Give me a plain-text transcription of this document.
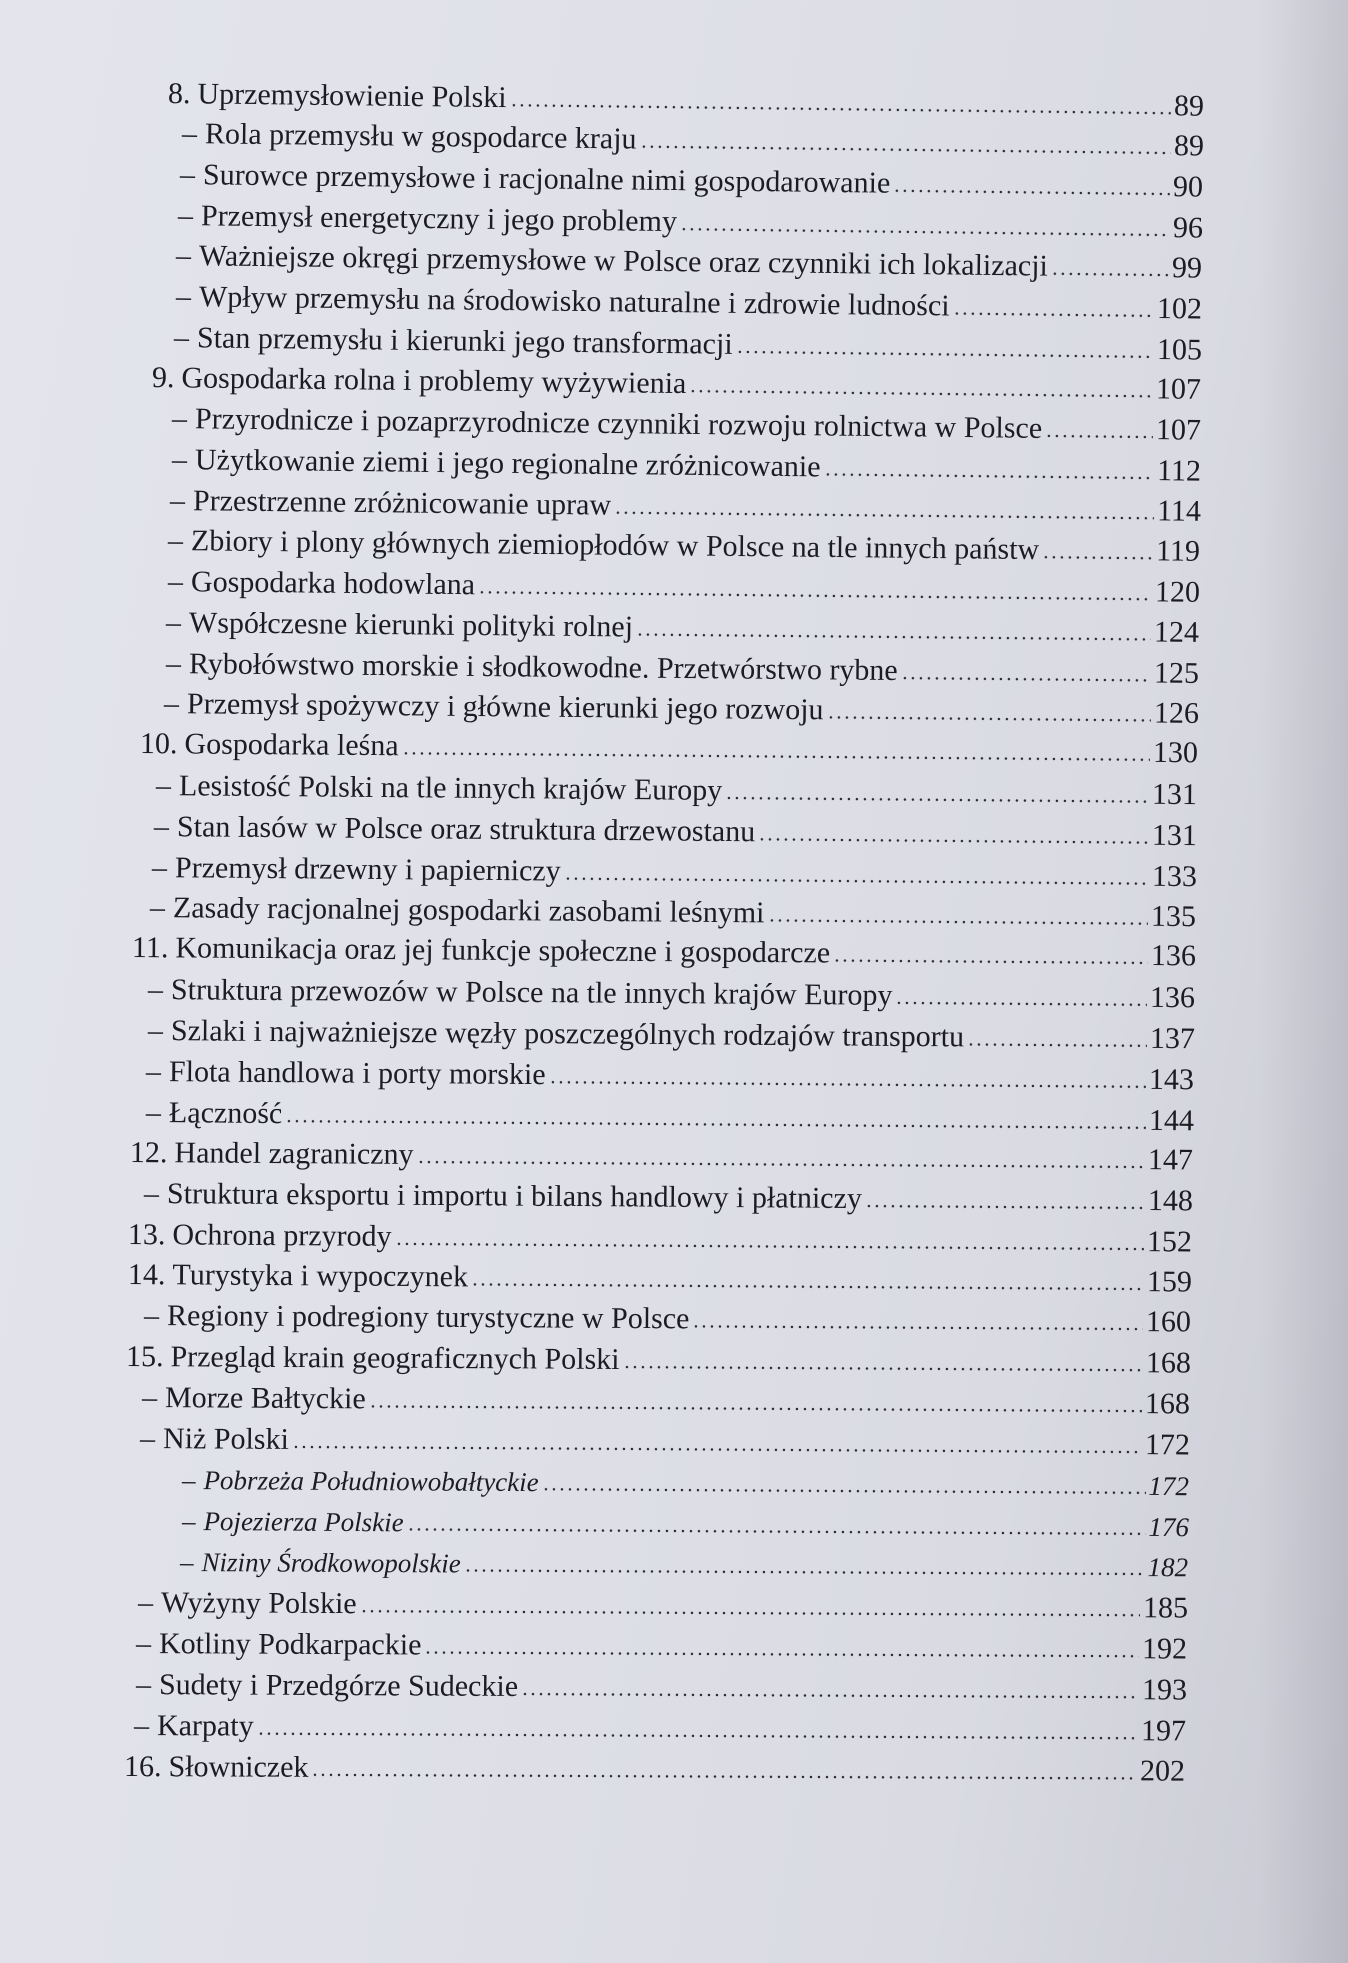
8. Uprzemysłowienie Polski	89
– Rola przemysłu w gospodarce kraju	89
– Surowce przemysłowe i racjonalne nimi gospodarowanie	90
– Przemysł energetyczny i jego problemy	96
– Ważniejsze okręgi przemysłowe w Polsce oraz czynniki ich lokalizacji	99
– Wpływ przemysłu na środowisko naturalne i zdrowie ludności	102
– Stan przemysłu i kierunki jego transformacji	105
9. Gospodarka rolna i problemy wyżywienia	107
– Przyrodnicze i pozaprzyrodnicze czynniki rozwoju rolnictwa w Polsce	107
– Użytkowanie ziemi i jego regionalne zróżnicowanie	112
– Przestrzenne zróżnicowanie upraw	114
– Zbiory i plony głównych ziemiopłodów w Polsce na tle innych państw	119
– Gospodarka hodowlana	120
– Współczesne kierunki polityki rolnej	124
– Rybołówstwo morskie i słodkowodne. Przetwórstwo rybne	125
– Przemysł spożywczy i główne kierunki jego rozwoju	126
10. Gospodarka leśna	130
– Lesistość Polski na tle innych krajów Europy	131
– Stan lasów w Polsce oraz struktura drzewostanu	131
– Przemysł drzewny i papierniczy	133
– Zasady racjonalnej gospodarki zasobami leśnymi	135
11. Komunikacja oraz jej funkcje społeczne i gospodarcze	136
– Struktura przewozów w Polsce na tle innych krajów Europy	136
– Szlaki i najważniejsze węzły poszczególnych rodzajów transportu	137
– Flota handlowa i porty morskie	143
– Łączność	144
12. Handel zagraniczny	147
– Struktura eksportu i importu i bilans handlowy i płatniczy	148
13. Ochrona przyrody	152
14. Turystyka i wypoczynek	159
– Regiony i podregiony turystyczne w Polsce	160
15. Przegląd krain geograficznych Polski	168
– Morze Bałtyckie	168
– Niż Polski	172
– Pobrzeża Południowobałtyckie	172
– Pojezierza Polskie	176
– Niziny Środkowopolskie	182
– Wyżyny Polskie	185
– Kotliny Podkarpackie	192
– Sudety i Przedgórze Sudeckie	193
– Karpaty	197
16. Słowniczek	202
